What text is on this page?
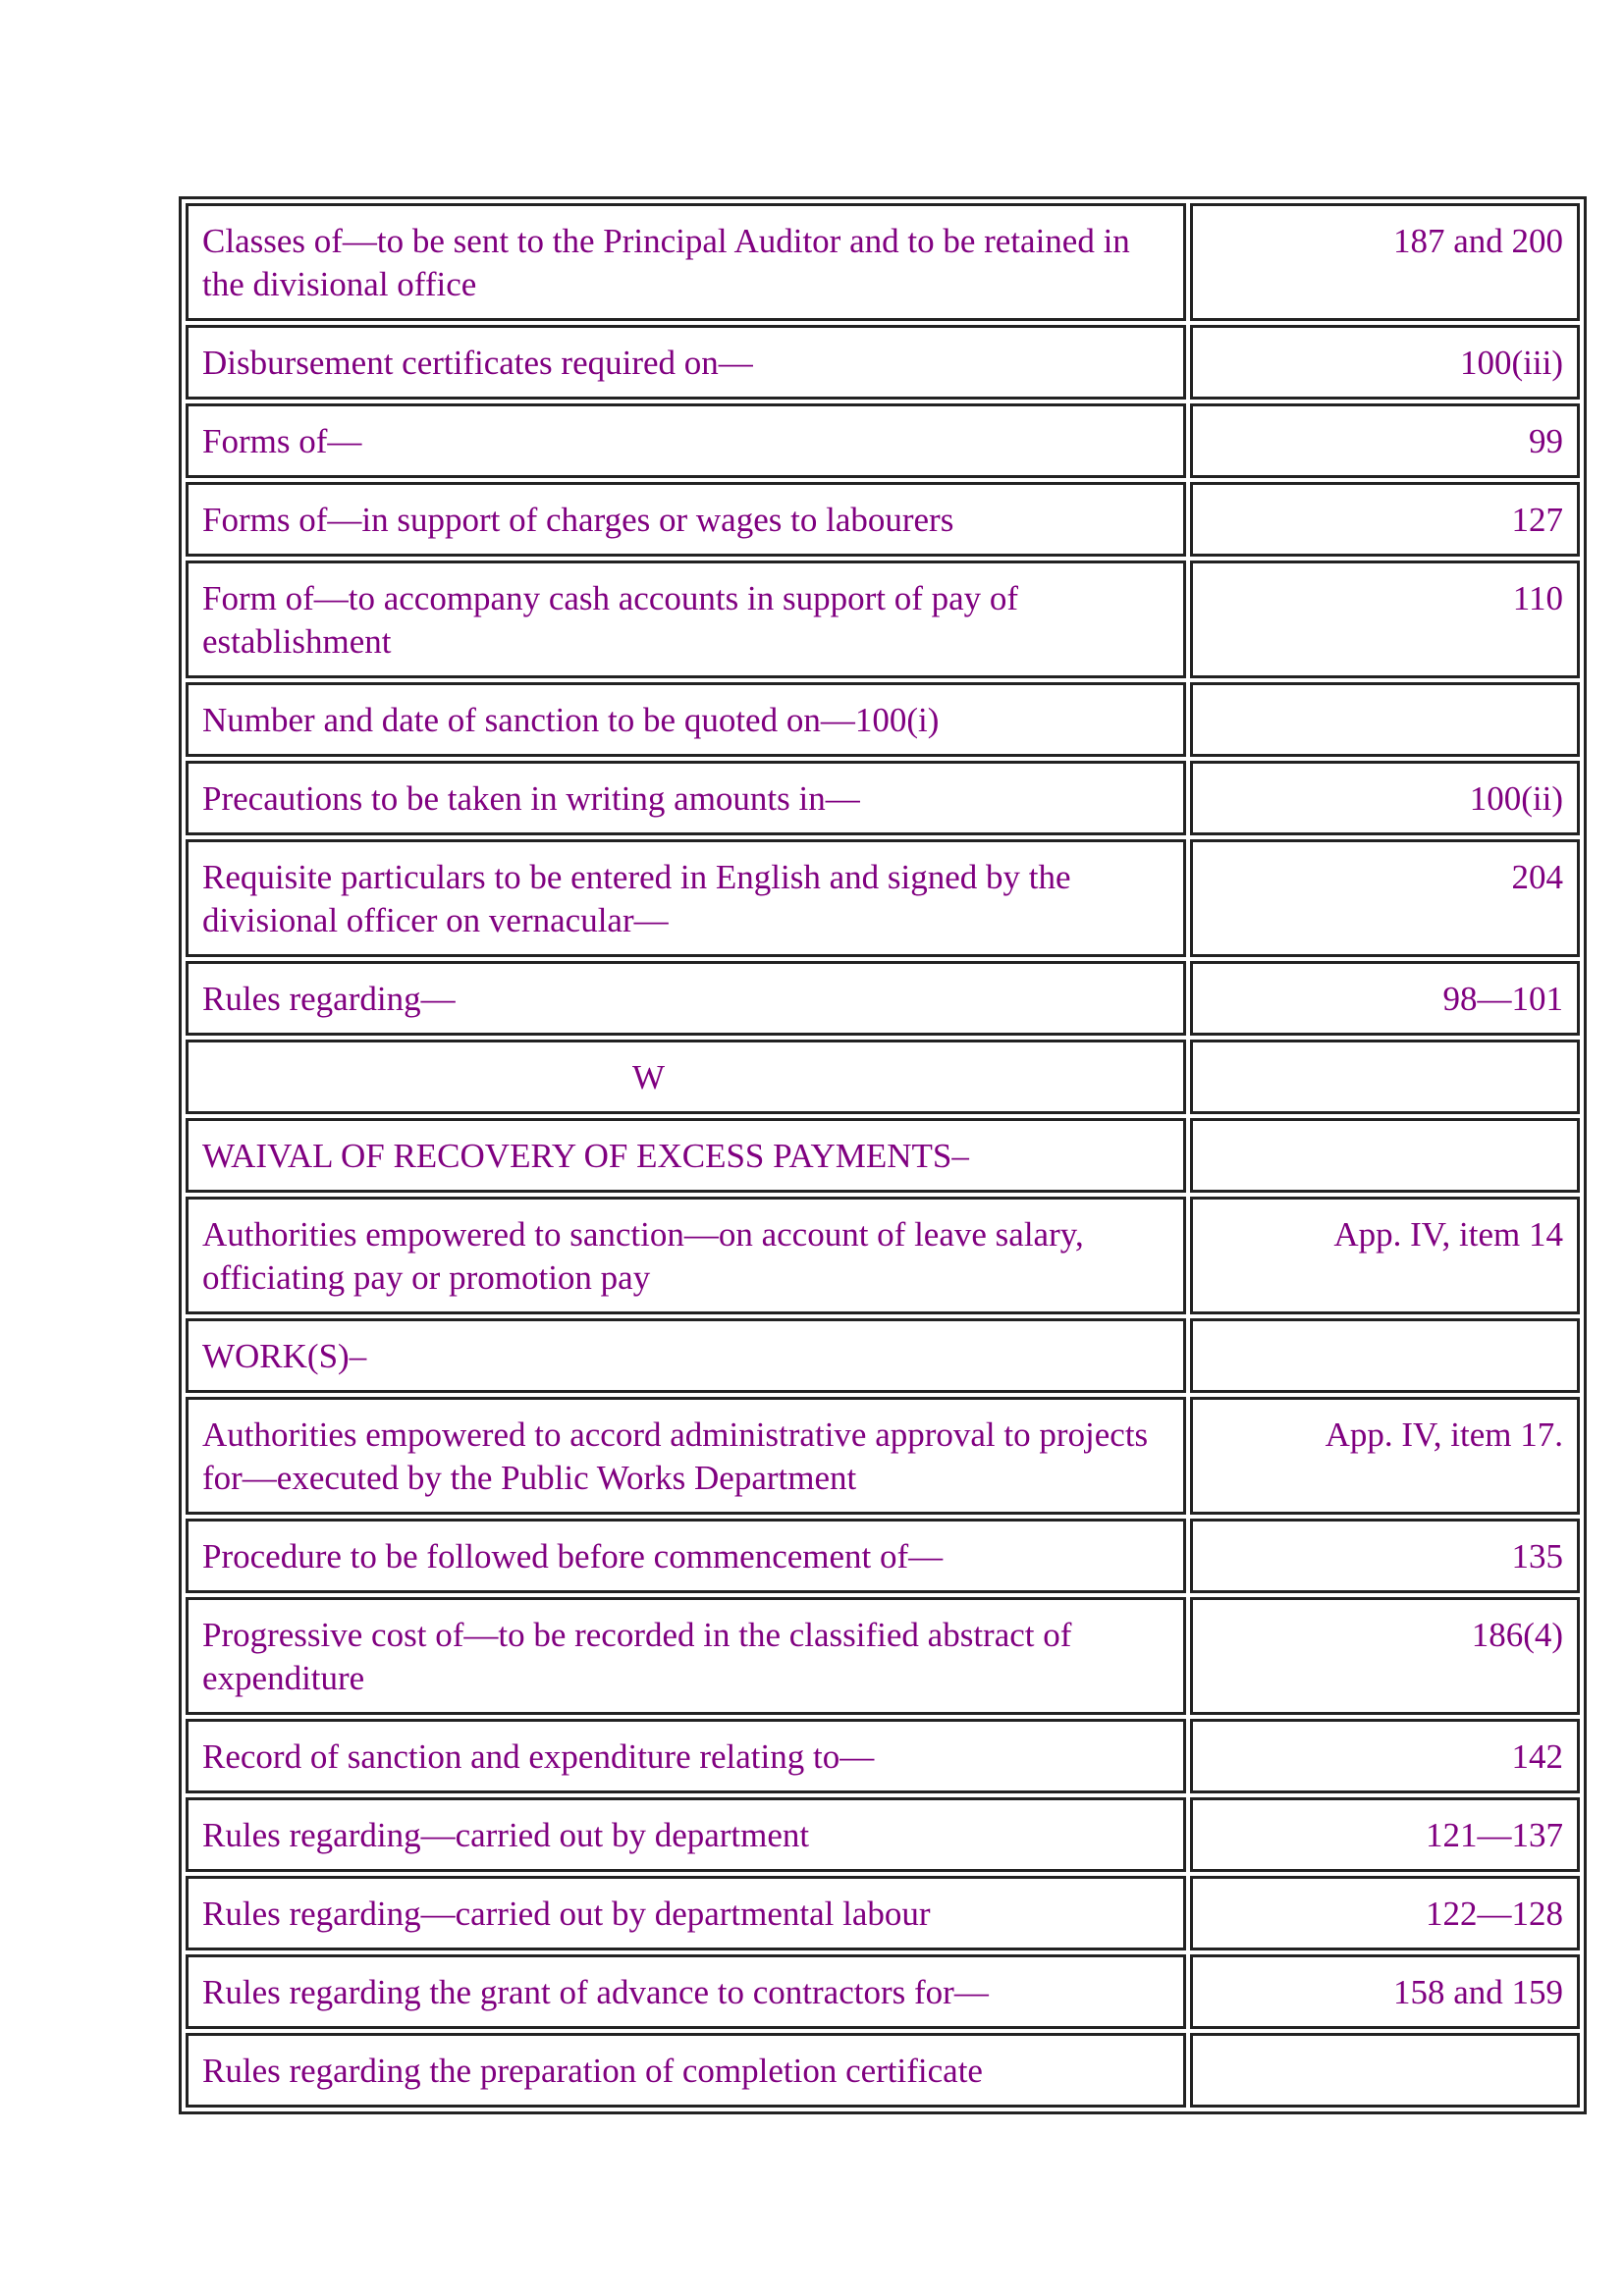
Classes of—to be sent to the Principal Auditor and to be retained in the divisional office	187 and 200
Disbursement certificates required on—	100(iii)
Forms of—	99
Forms of—in support of charges or wages to labourers	127
Form of—to accompany cash accounts in support of pay of establishment	110
Number and date of sanction to be quoted on—100(i)	
Precautions to be taken in writing amounts in—	100(ii)
Requisite particulars to be entered in English and signed by the divisional officer on vernacular—	204
Rules regarding—	98—101
W	
WAIVAL OF RECOVERY OF EXCESS PAYMENTS–	
Authorities empowered to sanction—on account of leave salary, officiating pay or promotion pay	App. IV, item 14
WORK(S)–	
Authorities empowered to accord administrative approval to projects for—executed by the Public Works Department	App. IV, item 17.
Procedure to be followed before commencement of—	135
Progressive cost of—to be recorded in the classified abstract of expenditure	186(4)
Record of sanction and expenditure relating to—	142
Rules regarding—carried out by department	121—137
Rules regarding—carried out by departmental labour	122—128
Rules regarding the grant of advance to contractors for—	158 and 159
Rules regarding the preparation of completion certificate	
